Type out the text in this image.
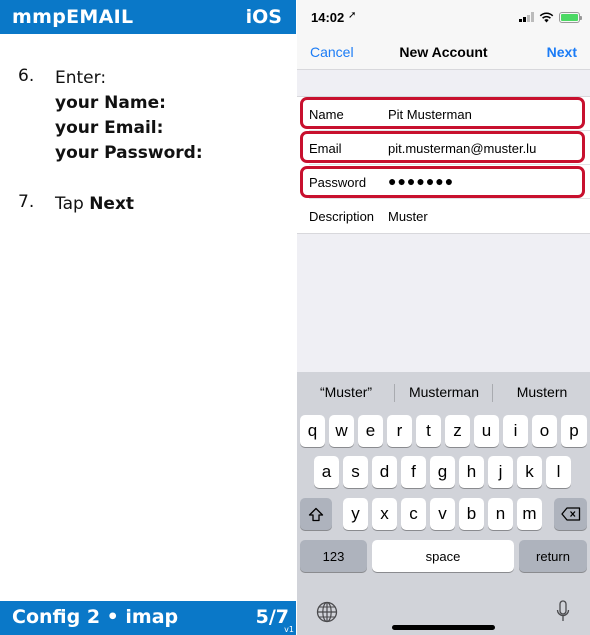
mmpEMAIL	iOS
6. Enter:
your Name:
your Email:
your Password:
7. Tap Next
Config 2 • imap	5/7
v1
14:02 ➚
Cancel	New Account	Next
Name	Pit Musterman
Email	pit.musterman@muster.lu
Password ●●●●●●●
Description Muster
“Muster”	Musterman	Mustern
q	w	e	r	t	z	u	i	o	p
a	s	d	f	g	h	j	k	l
y	x	c	v	b	n	m
123	space	return
